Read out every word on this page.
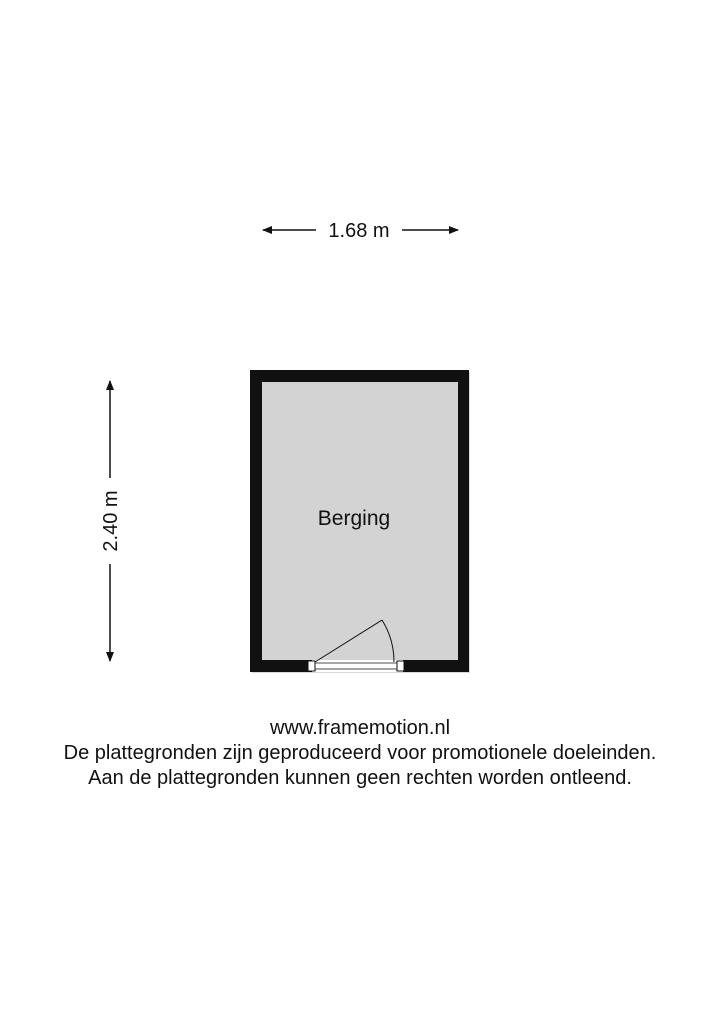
1.68 m
2.40 m	Berging
www.framemotion.nl
De plattegronden zijn geproduceerd voor promotionele doeleinden.
Aan de plattegronden kunnen geen rechten worden ontleend.
